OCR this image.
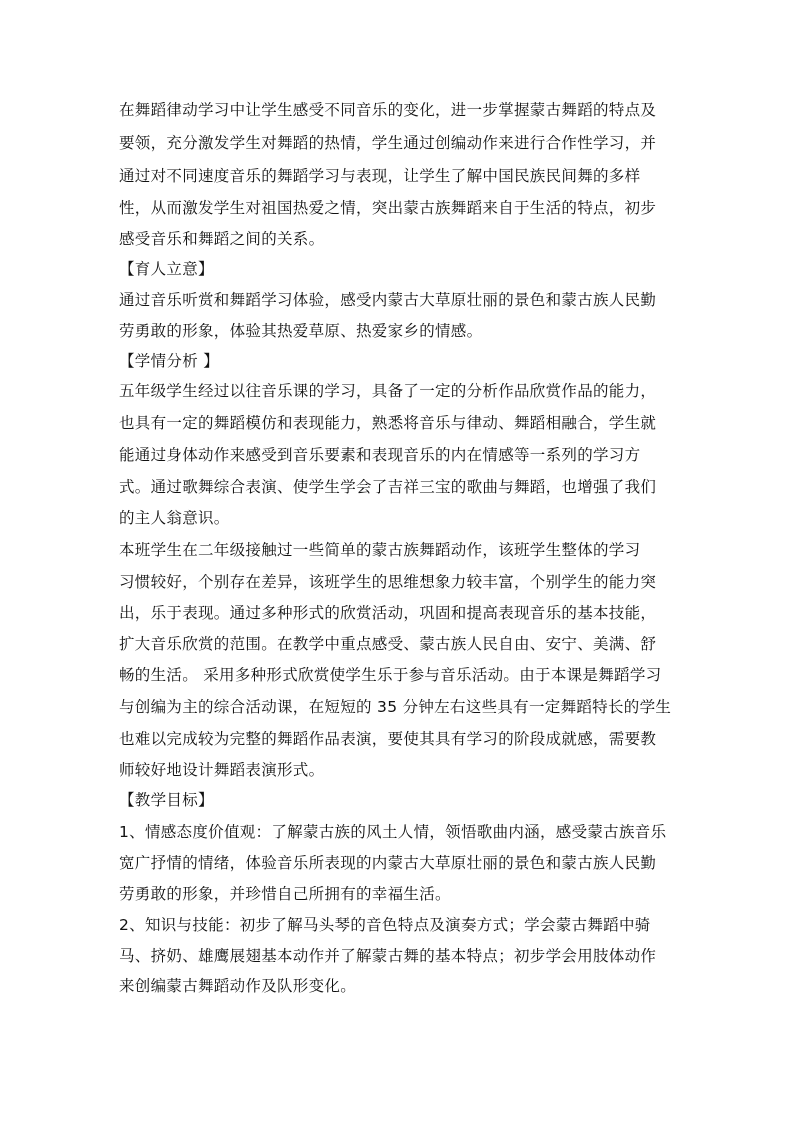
在舞蹈律动学习中让学生感受不同音乐的变化，进一步掌握蒙古舞蹈的特点及
要领，充分激发学生对舞蹈的热情，学生通过创编动作来进行合作性学习，并
通过对不同速度音乐的舞蹈学习与表现，让学生了解中国民族民间舞的多样
性，从而激发学生对祖国热爱之情，突出蒙古族舞蹈来自于生活的特点，初步
感受音乐和舞蹈之间的关系。
【育人立意】
通过音乐听赏和舞蹈学习体验，感受内蒙古大草原壮丽的景色和蒙古族人民勤
劳勇敢的形象，体验其热爱草原、热爱家乡的情感。
【学情分析 】
五年级学生经过以往音乐课的学习，具备了一定的分析作品欣赏作品的能力，
也具有一定的舞蹈模仿和表现能力，熟悉将音乐与律动、舞蹈相融合，学生就
能通过身体动作来感受到音乐要素和表现音乐的内在情感等一系列的学习方
式。通过歌舞综合表演、使学生学会了吉祥三宝的歌曲与舞蹈，也增强了我们
的主人翁意识。
本班学生在二年级接触过一些简单的蒙古族舞蹈动作，该班学生整体的学习
习惯较好，个别存在差异，该班学生的思维想象力较丰富，个别学生的能力突
出，乐于表现。通过多种形式的欣赏活动，巩固和提高表现音乐的基本技能，
扩大音乐欣赏的范围。在教学中重点感受、蒙古族人民自由、安宁、美满、舒
畅的生活。 采用多种形式欣赏使学生乐于参与音乐活动。由于本课是舞蹈学习
与创编为主的综合活动课，在短短的 35 分钟左右这些具有一定舞蹈特长的学生
也难以完成较为完整的舞蹈作品表演，要使其具有学习的阶段成就感，需要教
师较好地设计舞蹈表演形式。
【教学目标】
1、情感态度价值观：了解蒙古族的风土人情，领悟歌曲内涵，感受蒙古族音乐
宽广抒情的情绪，体验音乐所表现的内蒙古大草原壮丽的景色和蒙古族人民勤
劳勇敢的形象，并珍惜自己所拥有的幸福生活。
2、知识与技能：初步了解马头琴的音色特点及演奏方式；学会蒙古舞蹈中骑
马、挤奶、雄鹰展翅基本动作并了解蒙古舞的基本特点；初步学会用肢体动作
来创编蒙古舞蹈动作及队形变化。
